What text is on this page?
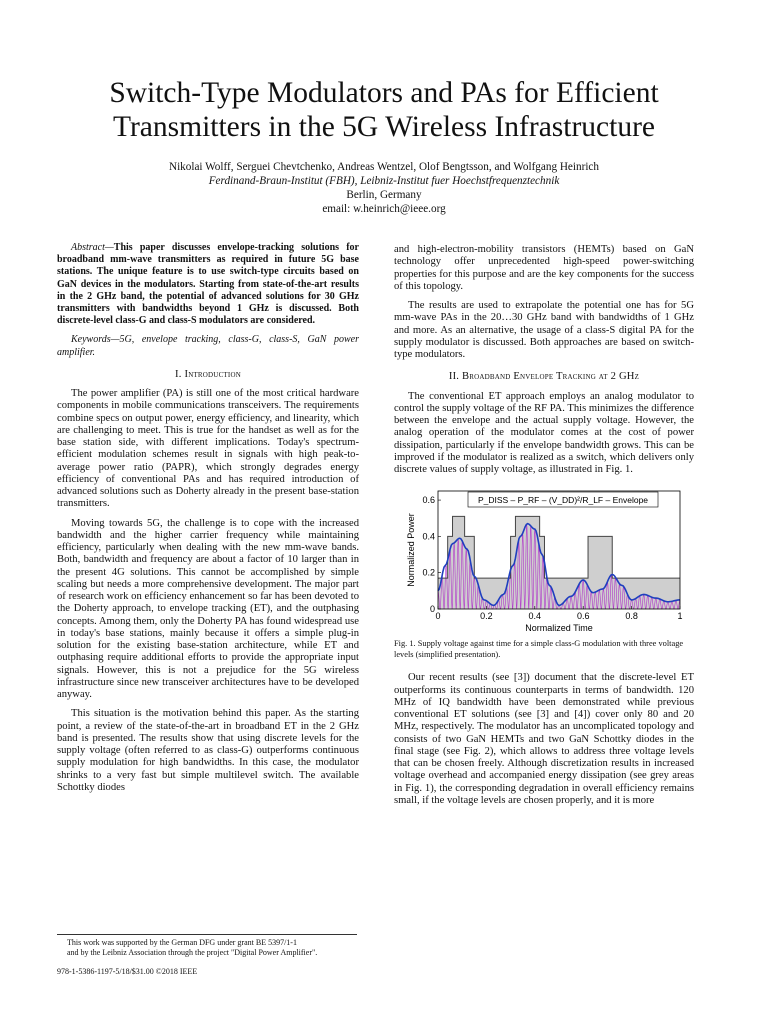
Switch-Type Modulators and PAs for Efficient
Transmitters in the 5G Wireless Infrastructure
Nikolai Wolff, Serguei Chevtchenko, Andreas Wentzel, Olof Bengtsson, and Wolfgang Heinrich
Ferdinand-Braun-Institut (FBH), Leibniz-Institut fuer Hoechstfrequenztechnik
Berlin, Germany
email: w.heinrich@ieee.org

Abstract—This paper discusses envelope-tracking solutions for broadband mm-wave transmitters as required in future 5G base stations. The unique feature is to use switch-type circuits based on GaN devices in the modulators. Starting from state-of-the-art results in the 2 GHz band, the potential of advanced solutions for 30 GHz transmitters with bandwidths beyond 1 GHz is discussed. Both discrete-level class-G and class-S modulators are considered.

Keywords—5G, envelope tracking, class-G, class-S, GaN power amplifier.

I. Introduction

The power amplifier (PA) is still one of the most critical hardware components in mobile communications transceivers. The requirements combine specs on output power, energy efficiency, and linearity, which are challenging to meet. This is true for the handset as well as for the base station side, with different implications. Today's spectrum-efficient modulation schemes result in signals with high peak-to-average power ratio (PAPR), which strongly degrades energy efficiency of conventional PAs and has required introduction of advanced solutions such as Doherty already in the present base-station transmitters.

Moving towards 5G, the challenge is to cope with the increased bandwidth and the higher carrier frequency while maintaining efficiency, particularly when dealing with the new mm-wave bands. Both, bandwidth and frequency are about a factor of 10 larger than in the present 4G solutions. This cannot be accomplished by simple scaling but needs a more comprehensive development. The major part of research work on efficiency enhancement so far has been devoted to the Doherty approach, to envelope tracking (ET), and the outphasing concepts. Among them, only the Doherty PA has found widespread use in today's base stations, mainly because it offers a simple plug-in solution for the existing base-station architecture, while ET and outphasing require additional efforts to provide the appropriate input signals. However, this is not a prejudice for the 5G wireless infrastructure since new transceiver architectures have to be developed anyway.

This situation is the motivation behind this paper. As the starting point, a review of the state-of-the-art in broadband ET in the 2 GHz band is presented. The results show that using discrete levels for the supply voltage (often referred to as class-G) outperforms continuous supply modulation for high bandwidths. In this case, the modulator shrinks to a very fast but simple multilevel switch. The available Schottky diodes

and high-electron-mobility transistors (HEMTs) based on GaN technology offer unprecedented high-speed power-switching properties for this purpose and are the key components for the success of this topology.

The results are used to extrapolate the potential one has for 5G mm-wave PAs in the 20…30 GHz band with bandwidths of 1 GHz and more. As an alternative, the usage of a class-S digital PA for the supply modulator is discussed. Both approaches are based on switch-type modulators.

II. Broadband Envelope Tracking at 2 GHz

The conventional ET approach employs an analog modulator to control the supply voltage of the RF PA. This minimizes the difference between the envelope and the actual supply voltage. However, the analog operation of the modulator comes at the cost of power dissipation, particularly if the envelope bandwidth grows. This can be improved if the modulator is realized as a switch, which delivers only discrete values of supply voltage, as illustrated in Fig. 1.

0	0.2	0.4	0.6	0.8	1
0
0.2
0.4
0.6	P_DISS – P_RF – (V_DD)²/R_LF – Envelope
Normalized Time
Normalized Power

Fig. 1. Supply voltage against time for a simple class-G modulation with three voltage levels (simplified presentation).

Our recent results (see [3]) document that the discrete-level ET outperforms its continuous counterparts in terms of bandwidth. 120 MHz of IQ bandwidth have been demonstrated while previous conventional ET solutions (see [3] and [4]) cover only 80 and 20 MHz, respectively. The modulator has an uncomplicated topology and consists of two GaN HEMTs and two GaN Schottky diodes in the final stage (see Fig. 2), which allows to address three voltage levels that can be chosen freely. Although discretization results in increased voltage overhead and accompanied energy dissipation (see grey areas in Fig. 1), the corresponding degradation in overall efficiency remains small, if the voltage levels are chosen properly, and it is more

This work was supported by the German DFG under grant BE 5397/1-1
and by the Leibniz Association through the project "Digital Power Amplifier".
978-1-5386-1197-5/18/$31.00 ©2018 IEEE
